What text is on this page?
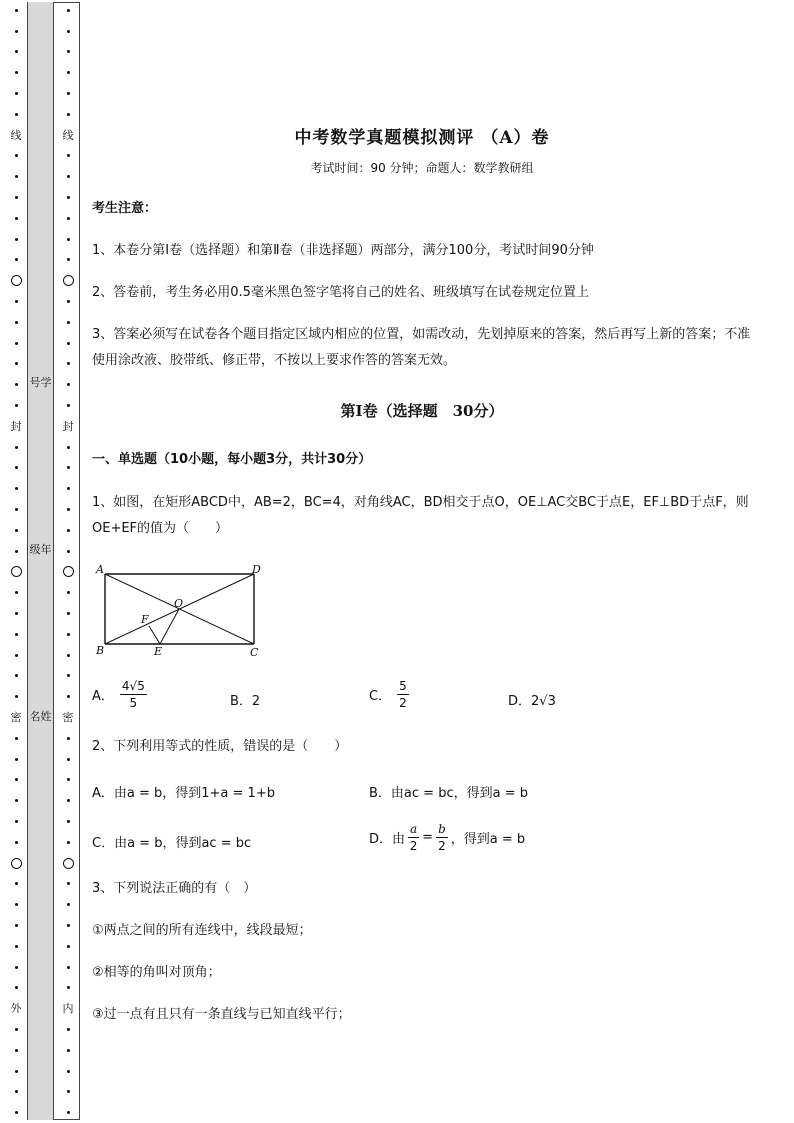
线
封
密
外
线
封
密
内
号学
级年
名姓
中考数学真题模拟测评 （A）卷
考试时间：90 分钟；命题人：数学教研组
考生注意：
1、本卷分第Ⅰ卷（选择题）和第Ⅱ卷（非选择题）两部分，满分100分，考试时间90分钟
2、答卷前，考生务必用0.5毫米黑色签字笔将自己的姓名、班级填写在试卷规定位置上
3、答案必须写在试卷各个题目指定区域内相应的位置，如需改动，先划掉原来的答案，然后再写上新的答案；不准使用涂改液、胶带纸、修正带，不按以上要求作答的答案无效。
第Ⅰ卷（选择题　30分）
一、单选题（10小题，每小题3分，共计30分）
1、如图，在矩形ABCD中，AB=2，BC=4，对角线AC，BD相交于点O，OE⊥AC交BC于点E，EF⊥BD于点F，则OE+EF的值为（　　）
A	D
B	C
O
F
E
A． $\frac{4√5}{5}$	B．2	C． $\frac{5}{2}$	D．2√3
2、下列利用等式的性质，错误的是（　　）
A．由a = b，得到1+a = 1+b	B．由ac = bc，得到a = b
C．由a = b，得到ac = bc	D．由 $\frac{a}{2} = \frac{b}{2}$ ，得到a = b
3、下列说法正确的有（　）
①两点之间的所有连线中，线段最短；
②相等的角叫对顶角；
③过一点有且只有一条直线与已知直线平行；
